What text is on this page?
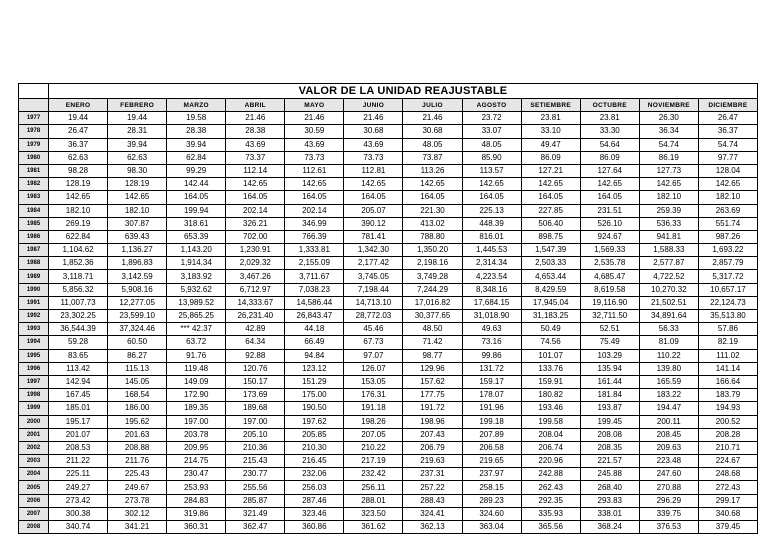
	VALOR DE LA UNIDAD REAJUSTABLE											
	ENERO	FEBRERO	MARZO	ABRIL	MAYO	JUNIO	JULIO	AGOSTO	SETIEMBRE	OCTUBRE	NOVIEMBRE	DICIEMBRE
1977	19.44	19.44	19.58	21.46	21.46	21.46	21.46	23.72	23.81	23.81	26.30	26.47
1978	26.47	28.31	28.38	28.38	30.59	30.68	30.68	33.07	33.10	33.30	36.34	36.37
1979	36.37	39.94	39.94	43.69	43.69	43.69	48.05	48.05	49.47	54.64	54.74	54.74
1980	62.63	62.63	62.84	73.37	73.73	73.73	73.87	85.90	86.09	86.09	86.19	97.77
1981	98.28	98.30	99.29	112.14	112.61	112.81	113.26	113.57	127.21	127.64	127.73	128.04
1982	128.19	128.19	142.44	142.65	142.65	142.65	142.65	142.65	142.65	142.65	142.65	142.65
1983	142.65	142.65	164.05	164.05	164.05	164.05	164.05	164.05	164.05	164.05	182.10	182.10
1984	182.10	182.10	199.94	202.14	202.14	205.07	221.30	225.13	227.85	231.51	259.39	263.69
1985	269.19	307.87	318.61	326.21	346.99	390.12	413.02	448.39	506.40	526.10	536.33	551.74
1986	622.84	639.43	653.39	702.00	766.39	781.41	788.80	816.01	898.75	924.67	941.81	987.26
1987	1,104.62	1,136.27	1,143.20	1,230.91	1,333.81	1,342.30	1,350.20	1,445.53	1,547.39	1,569.33	1,588.33	1,693.22
1988	1,852.36	1,896.83	1,914.34	2,029.32	2,155.09	2,177.42	2,198.16	2,314.34	2,503.33	2,535.78	2,577.87	2,857.79
1989	3,118.71	3,142.59	3,183.92	3,467.26	3,711.67	3,745.05	3,749.28	4,223.54	4,653.44	4,685.47	4,722.52	5,317.72
1990	5,856.32	5,908.16	5,932.62	6,712.97	7,038.23	7,198.44	7,244.29	8,348.16	8,429.59	8,619.58	10,270.32	10,657.17
1991	11,007.73	12,277.05	13,989.52	14,333.67	14,586.44	14,713.10	17,016.82	17,684.15	17,945.04	19,116.90	21,502.51	22,124.73
1992	23,302.25	23,599.10	25,865.25	26,231.40	26,843.47	28,772.03	30,377.65	31,018.90	31,183.25	32,711.50	34,891.64	35,513.80
1993	36,544.39	37,324.46	*** 42.37	42.89	44.18	45.46	48.50	49.63	50.49	52.51	56.33	57.86
1994	59.28	60.50	63.72	64.34	66.49	67.73	71.42	73.16	74.56	75.49	81.09	82.19
1995	83.65	86.27	91.76	92.88	94.84	97.07	98.77	99.86	101.07	103.29	110.22	111.02
1996	113.42	115.13	119.48	120.76	123.12	126.07	129.96	131.72	133.76	135.94	139.80	141.14
1997	142.94	145.05	149.09	150.17	151.29	153.05	157.62	159.17	159.91	161.44	165.59	166.64
1998	167.45	168.54	172.90	173.69	175.00	176.31	177.75	178.07	180.82	181.84	183.22	183.79
1999	185.01	186.00	189.35	189.68	190.50	191.18	191.72	191.96	193.46	193.87	194.47	194.93
2000	195.17	195.62	197.00	197.00	197.62	198.26	198.96	199.18	199.58	199.45	200.11	200.52
2001	201.07	201.63	203.78	205.10	205.85	207.05	207.43	207.89	208.04	208.08	208.45	208.28
2002	208.53	208.88	209.95	210.36	210.30	210.22	206.79	206.58	206.74	208.35	209.63	210.71
2003	211.22	211.76	214.75	215.43	216.45	217.19	219.63	219.65	220.96	221.57	223.48	224.67
2004	225.11	225.43	230.47	230.77	232.06	232.42	237.31	237.97	242.88	245.88	247.60	248.68
2005	249.27	249.67	253.93	255.56	256.03	256.11	257.22	258.15	262.43	268.40	270.88	272.43
2006	273.42	273.78	284.83	285.87	287.46	288.01	288.43	289.23	292.35	293.83	296.29	299.17
2007	300.38	302.12	319.86	321.49	323.46	323.50	324.41	324.60	335.93	338.01	339.75	340.68
2008	340.74	341.21	360.31	362.47	360.86	361.62	362.13	363.04	365.56	368.24	376.53	379.45
